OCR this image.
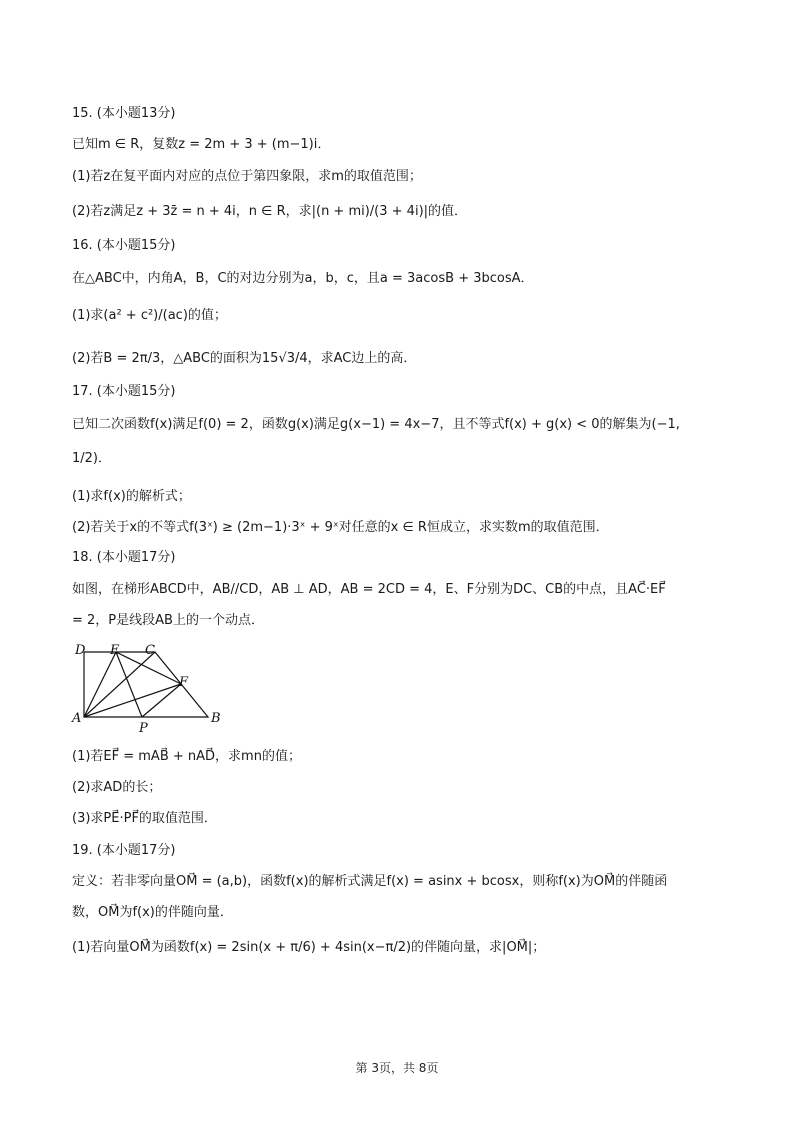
15. (本小题13分)
已知m ∈ R，复数z = 2m + 3 + (m−1)i．
(1)若z在复平面内对应的点位于第四象限，求m的取值范围；
(2)若z满足z + 3z̄ = n + 4i，n ∈ R，求|(n + mi)/(3 + 4i)|的值．
16. (本小题15分)
在△ABC中，内角A，B，C的对边分别为a，b，c，且a = 3acosB + 3bcosA．
(1)求(a² + c²)/(ac)的值；
(2)若B = 2π/3，△ABC的面积为15√3/4，求AC边上的高．
17. (本小题15分)
已知二次函数f(x)满足f(0) = 2，函数g(x)满足g(x−1) = 4x−7，且不等式f(x) + g(x) < 0的解集为(−1,
1/2)．
(1)求f(x)的解析式；
(2)若关于x的不等式f(3ˣ) ≥ (2m−1)·3ˣ + 9ˣ对任意的x ∈ R恒成立，求实数m的取值范围．
18. (本小题17分)
如图，在梯形ABCD中，AB//CD，AB ⊥ AD，AB = 2CD = 4，E、F分别为DC、CB的中点，且AC⃗·EF⃗
= 2，P是线段AB上的一个动点．
D E C
F
A
P
B
(1)若EF⃗ = mAB⃗ + nAD⃗，求mn的值；
(2)求AD的长；
(3)求PE⃗·PF⃗的取值范围．
19. (本小题17分)
定义：若非零向量OM⃗ = (a,b)，函数f(x)的解析式满足f(x) = asinx + bcosx，则称f(x)为OM⃗的伴随函
数，OM⃗为f(x)的伴随向量．
(1)若向量OM⃗为函数f(x) = 2sin(x + π/6) + 4sin(x−π/2)的伴随向量，求|OM⃗|；
第 3页，共 8页
